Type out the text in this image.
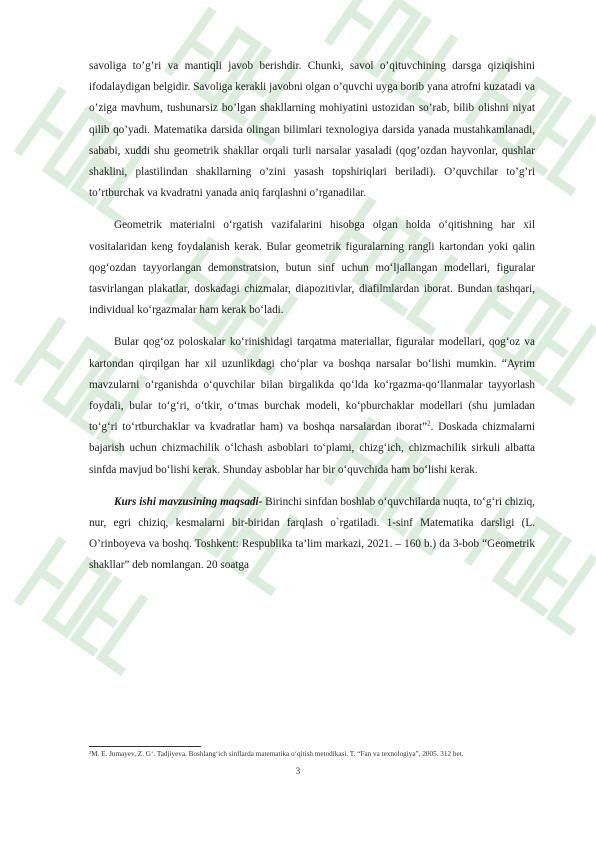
savoliga to’g’ri va mantiqli javob berishdir. Chunki, savol o’qituvchining darsga qiziqishini ifodalaydigan belgidir. Savoliga kerakli javobni olgan o’quvchi uyga borib yana atrofni kuzatadi va o’ziga mavhum, tushunarsiz bo’lgan shakllarning mohiyatini ustozidan so’rab, bilib olishni niyat qilib qo’yadi. Matematika darsida olingan bilimlari texnologiya darsida yanada mustahkamlanadi, sababi, xuddi shu geometrik shakllar orqali turli narsalar yasaladi (qog’ozdan hayvonlar, qushlar shaklini, plastilindan shakllarning o’zini yasash topshiriqlari beriladi). O’quvchilar to’g’ri to’rtburchak va kvadratni yanada aniq farqlashni o’rganadilar.

Geometrik materialni o‘rgatish vazifalarini hisobga olgan holda o‘qitishning har xil vositalaridan keng foydalanish kerak. Bular geometrik figuralarning rangli kartondan yoki qalin qog‘ozdan tayyorlangan demonstratsion, butun sinf uchun mo‘ljallangan modellari, figuralar tasvirlangan plakatlar, doskadagi chizmalar, diapozitivlar, diafilmlardan iborat. Bundan tashqari, individual ko‘rgazmalar ham kerak bo‘ladi.

Bular qog‘oz poloskalar ko‘rinishidagi tarqatma materiallar, figuralar modellari, qog‘oz va kartondan qirqilgan har xil uzunlikdagi cho‘plar va boshqa narsalar bo‘lishi mumkin. “Ayrim mavzularni o‘rganishda o‘quvchilar bilan birgalikda qo‘lda ko‘rgazma-qo‘llanmalar tayyorlash foydali, bular to‘g‘ri, o‘tkir, o‘tmas burchak modeli, ko‘pburchaklar modellari (shu jumladan to‘g‘ri to‘rtburchaklar va kvadratlar ham) va boshqa narsalardan iborat”$^2$. Doskada chizmalarni bajarish uchun chizmachilik o‘lchash asboblari to‘plami, chizg‘ich, chizmachilik sirkuli albatta sinfda mavjud bo‘lishi kerak. Shunday asboblar har bir o‘quvchida ham bo‘lishi kerak.

Kurs ishi mavzusining maqsadi- Birinchi sinfdan boshlab o‘quvchilarda nuqta, to‘g‘ri chiziq, nur, egri chiziq, kesmalarni bir-biridan farqlash o`rgatiladi. 1-sinf Matematika darsligi (L. O’rinboyeva va boshq. Toshkent: Respublika ta’lim markazi, 2021. – 160 b.) da 3-bob “Geometrik shakllar” deb nomlangan. 20 soatga

²M. E. Jumayev, Z. G‘. Tadjiyeva. Boshlang‘ich sinflarda matematika o‘qitish metodikasi. T. “Fan va texnologiya”, 2005. 312 bet.
3
